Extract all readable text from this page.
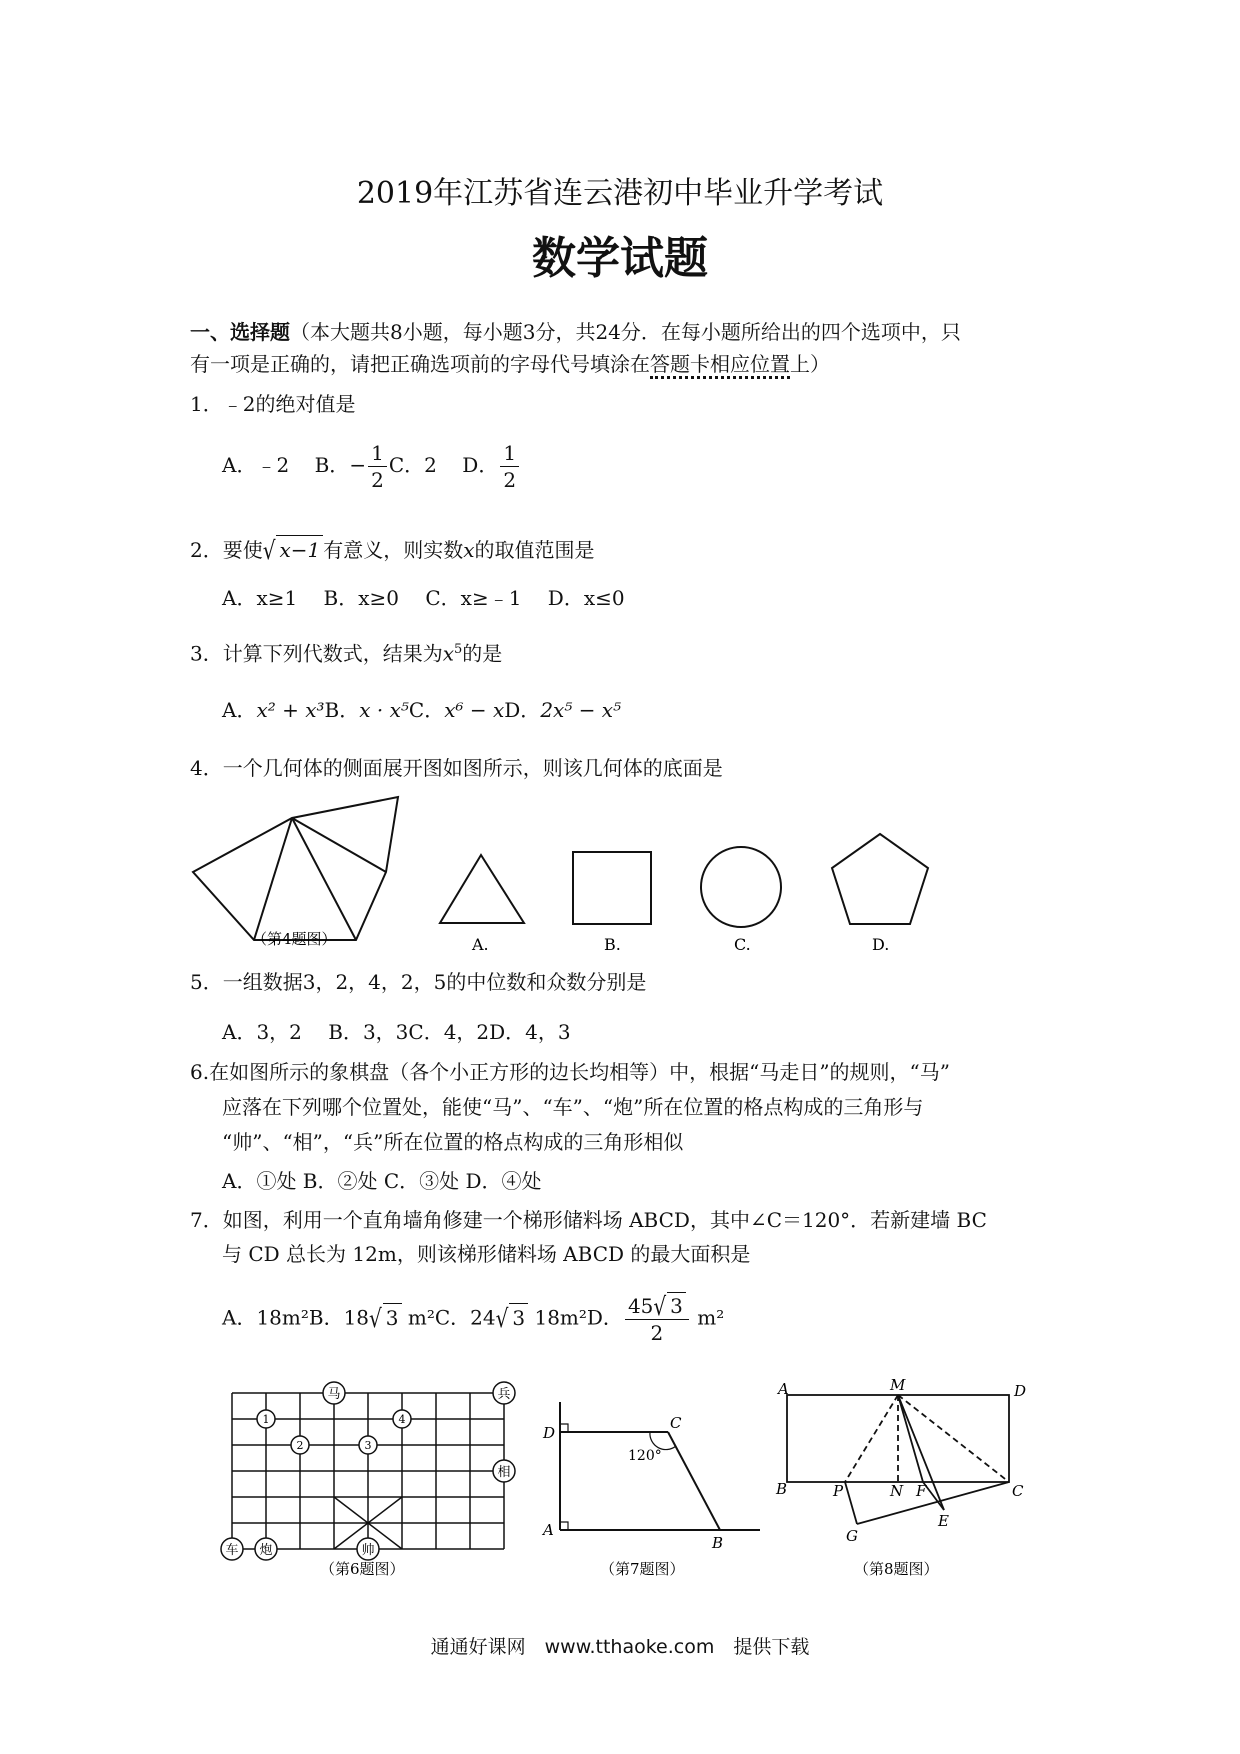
2019年江苏省连云港初中毕业升学考试
数学试题
一、选择题（本大题共8小题，每小题3分，共24分．在每小题所给出的四个选项中，只
有一项是正确的，请把正确选项前的字母代号填涂在答题卡相应位置上）
1．﹣2的绝对值是
A．﹣2 B．− $\frac{1}{2}$ C．2 D． $\frac{1}{2}$
2．要使√ x−1 有意义，则实数x的取值范围是
A．x≥1　 B．x≥0　 C．x≥﹣1　 D．x≤0
3．计算下列代数式，结果为$x^5$的是
A．x² + x³B．x · x⁵C．x⁶ − xD．2x⁵ − x⁵
4．一个几何体的侧面展开图如图所示，则该几何体的底面是
（第4题图）	A.	B.	C.	D.
5．一组数据3，2，4，2，5的中位数和众数分别是
A．3，2　 B．3，3C．4，2D．4，3
6.在如图所示的象棋盘（各个小正方形的边长均相等）中，根据“马走日”的规则，“马”
应落在下列哪个位置处，能使“马”、“车”、“炮”所在位置的格点构成的三角形与
“帅”、“相”，“兵”所在位置的格点构成的三角形相似
A．①处 B．②处 C．③处 D．④处
7．如图，利用一个直角墙角修建一个梯形储料场 ABCD，其中∠C＝120°．若新建墙 BC
与 CD 总长为 12m，则该梯形储料场 ABCD 的最大面积是
A．18m²B．18√ 3 m²C．24√ 3 18m²D． $\frac{45√ 3}{2} m^2$
马	兵
相
车 炮	帅
1	4
2	3
（第6题图）
D
C
120°
A
B
（第7题图）
A	M	D
B	P	N F	C
E
G
（第8题图）
通通好课网　www.tthaoke.com　提供下载
